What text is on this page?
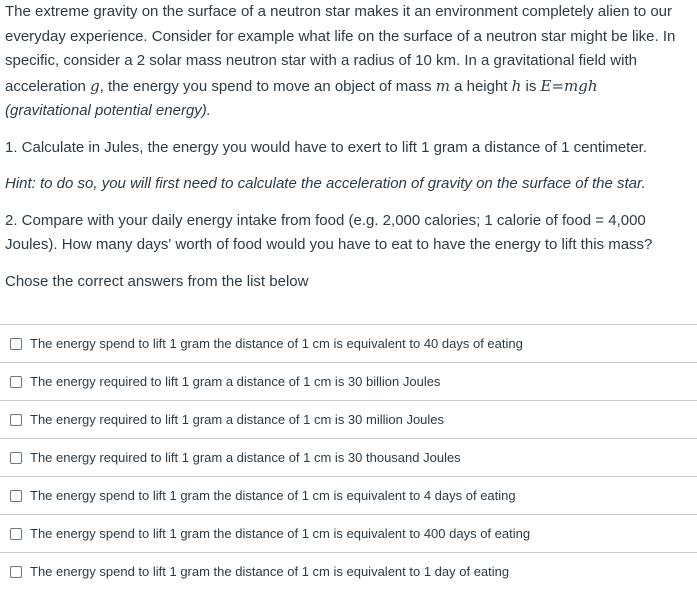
The extreme gravity on the surface of a neutron star makes it an environment completely alien to our everyday experience. Consider for example what life on the surface of a neutron star might be like. In specific, consider a 2 solar mass neutron star with a radius of 10 km. In a gravitational field with acceleration g, the energy you spend to move an object of mass m a height h is E=mgh
(gravitational potential energy).

1. Calculate in Jules, the energy you would have to exert to lift 1 gram a distance of 1 centimeter.

Hint: to do so, you will first need to calculate the acceleration of gravity on the surface of the star.

2. Compare with your daily energy intake from food (e.g. 2,000 calories; 1 calorie of food = 4,000 Joules). How many days' worth of food would you have to eat to have the energy to lift this mass?

Chose the correct answers from the list below

The energy spend to lift 1 gram the distance of 1 cm is equivalent to 40 days of eating
The energy required to lift 1 gram a distance of 1 cm is 30 billion Joules
The energy required to lift 1 gram a distance of 1 cm is 30 million Joules
The energy required to lift 1 gram a distance of 1 cm is 30 thousand Joules
The energy spend to lift 1 gram the distance of 1 cm is equivalent to 4 days of eating
The energy spend to lift 1 gram the distance of 1 cm is equivalent to 400 days of eating
The energy spend to lift 1 gram the distance of 1 cm is equivalent to 1 day of eating
